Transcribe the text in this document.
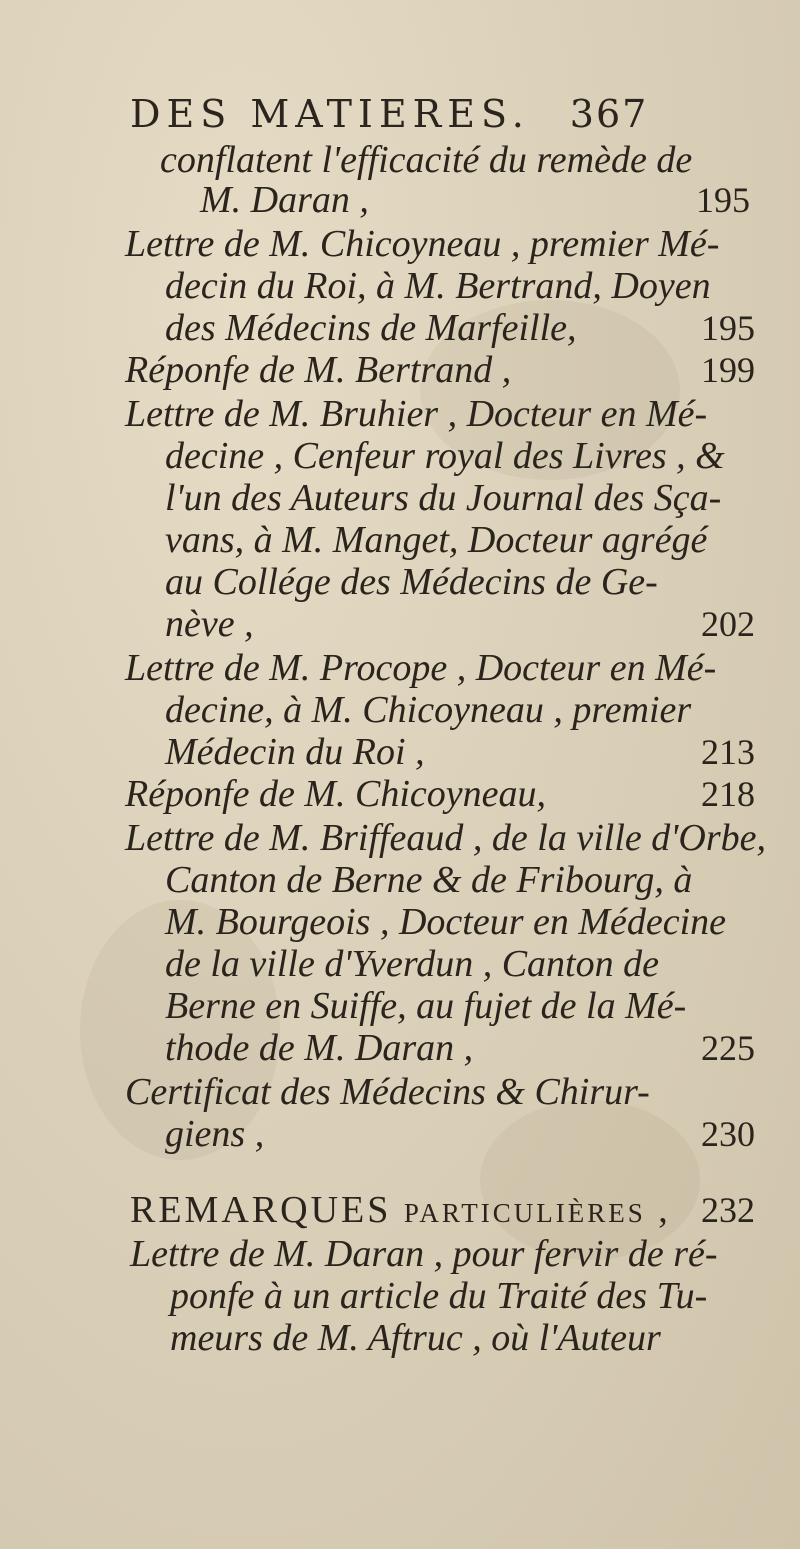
DES MATIERES. 367
conflatent l'efficacité du remède de
M. Daran ,	195
Lettre de M. Chicoyneau , premier Mé-
decin du Roi, à M. Bertrand, Doyen
des Médecins de Marfeille,	195
Réponfe de M. Bertrand ,	199
Lettre de M. Bruhier , Docteur en Mé-
decine , Cenfeur royal des Livres , &
l'un des Auteurs du Journal des Sça-
vans, à M. Manget, Docteur agrégé
au Collége des Médecins de Ge-
nève ,	202
Lettre de M. Procope , Docteur en Mé-
decine, à M. Chicoyneau , premier
Médecin du Roi ,	213
Réponfe de M. Chicoyneau,	218
Lettre de M. Briffeaud , de la ville d'Orbe,
Canton de Berne & de Fribourg, à
M. Bourgeois , Docteur en Médecine
de la ville d'Yverdun , Canton de
Berne en Suiffe, au fujet de la Mé-
thode de M. Daran ,	225
Certificat des Médecins & Chirur-
giens ,	230
REMARQUES particulières , 232
Lettre de M. Daran , pour fervir de ré-
ponfe à un article du Traité des Tu-
meurs de M. Aftruc , où l'Auteur
